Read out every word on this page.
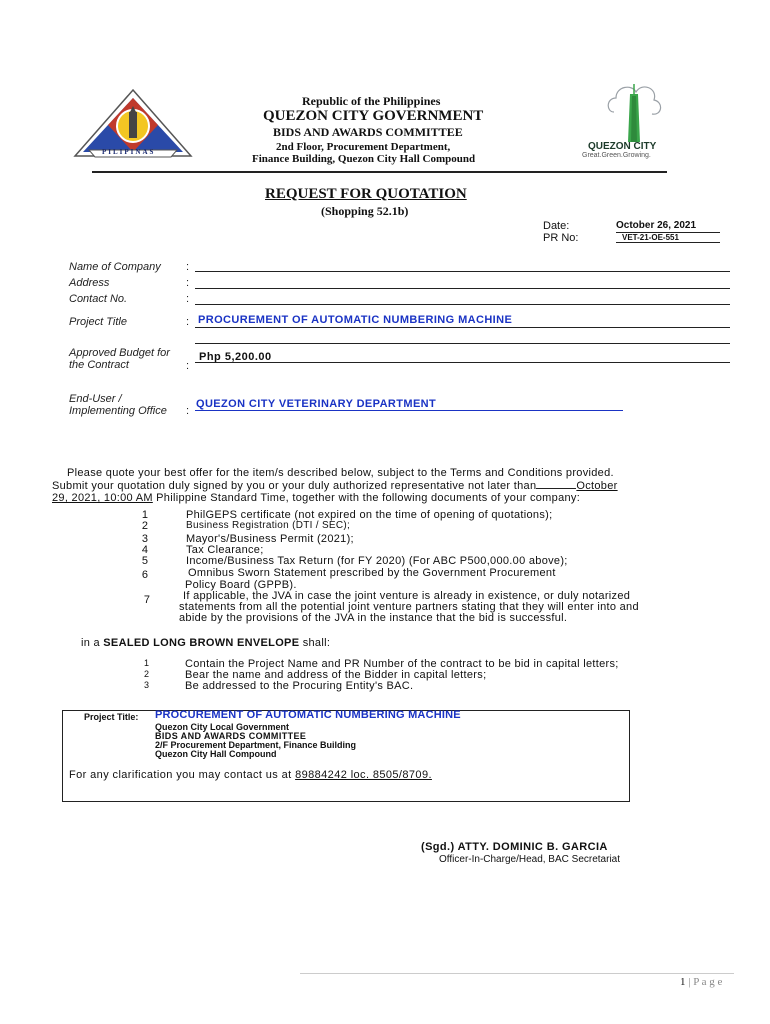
PILIPINAS
Republic of the Philippines
QUEZON CITY GOVERNMENT
BIDS AND AWARDS COMMITTEE
2nd Floor, Procurement Department,
Finance Building, Quezon City Hall Compound
QUEZON CITY
Great.Green.Growing.
REQUEST FOR QUOTATION
(Shopping 52.1b)
Date:	October 26, 2021
PR No:	VET-21-OE-551
Name of Company :
Address	:
Contact No.	:
Project Title	: PROCUREMENT OF AUTOMATIC NUMBERING MACHINE
Approved Budget for
the Contract	:
Php 5,200.00
End-User /
Implementing Office :
QUEZON CITY VETERINARY DEPARTMENT
Please quote your best offer for the item/s described below, subject to the Terms and Conditions provided.
Submit your quotation duly signed by you or your duly authorized representative not later than	October
29, 2021, 10:00 AM Philippine Standard Time, together with the following documents of your company:
1	PhilGEPS certificate (not expired on the time of opening of quotations);
2	Business Registration (DTI / SEC);
3	Mayor's/Business Permit (2021);
4	Tax Clearance;
5	Income/Business Tax Return (for FY 2020) (For ABC P500,000.00 above);
6	Omnibus Sworn Statement prescribed by the Government Procurement
Policy Board (GPPB).
7	If applicable, the JVA in case the joint venture is already in existence, or duly notarized
statements from all the potential joint venture partners stating that they will enter into and
abide by the provisions of the JVA in the instance that the bid is successful.
in a SEALED LONG BROWN ENVELOPE shall:
1	Contain the Project Name and PR Number of the contract to be bid in capital letters;
2	Bear the name and address of the Bidder in capital letters;
3	Be addressed to the Procuring Entity's BAC.
Project Title: PROCUREMENT OF AUTOMATIC NUMBERING MACHINE
Quezon City Local Government
BIDS AND AWARDS COMMITTEE
2/F Procurement Department, Finance Building
Quezon City Hall Compound
For any clarification you may contact us at 89884242 loc. 8505/8709.
(Sgd.) ATTY. DOMINIC B. GARCIA
Officer-In-Charge/Head, BAC Secretariat
1 | P a g e
